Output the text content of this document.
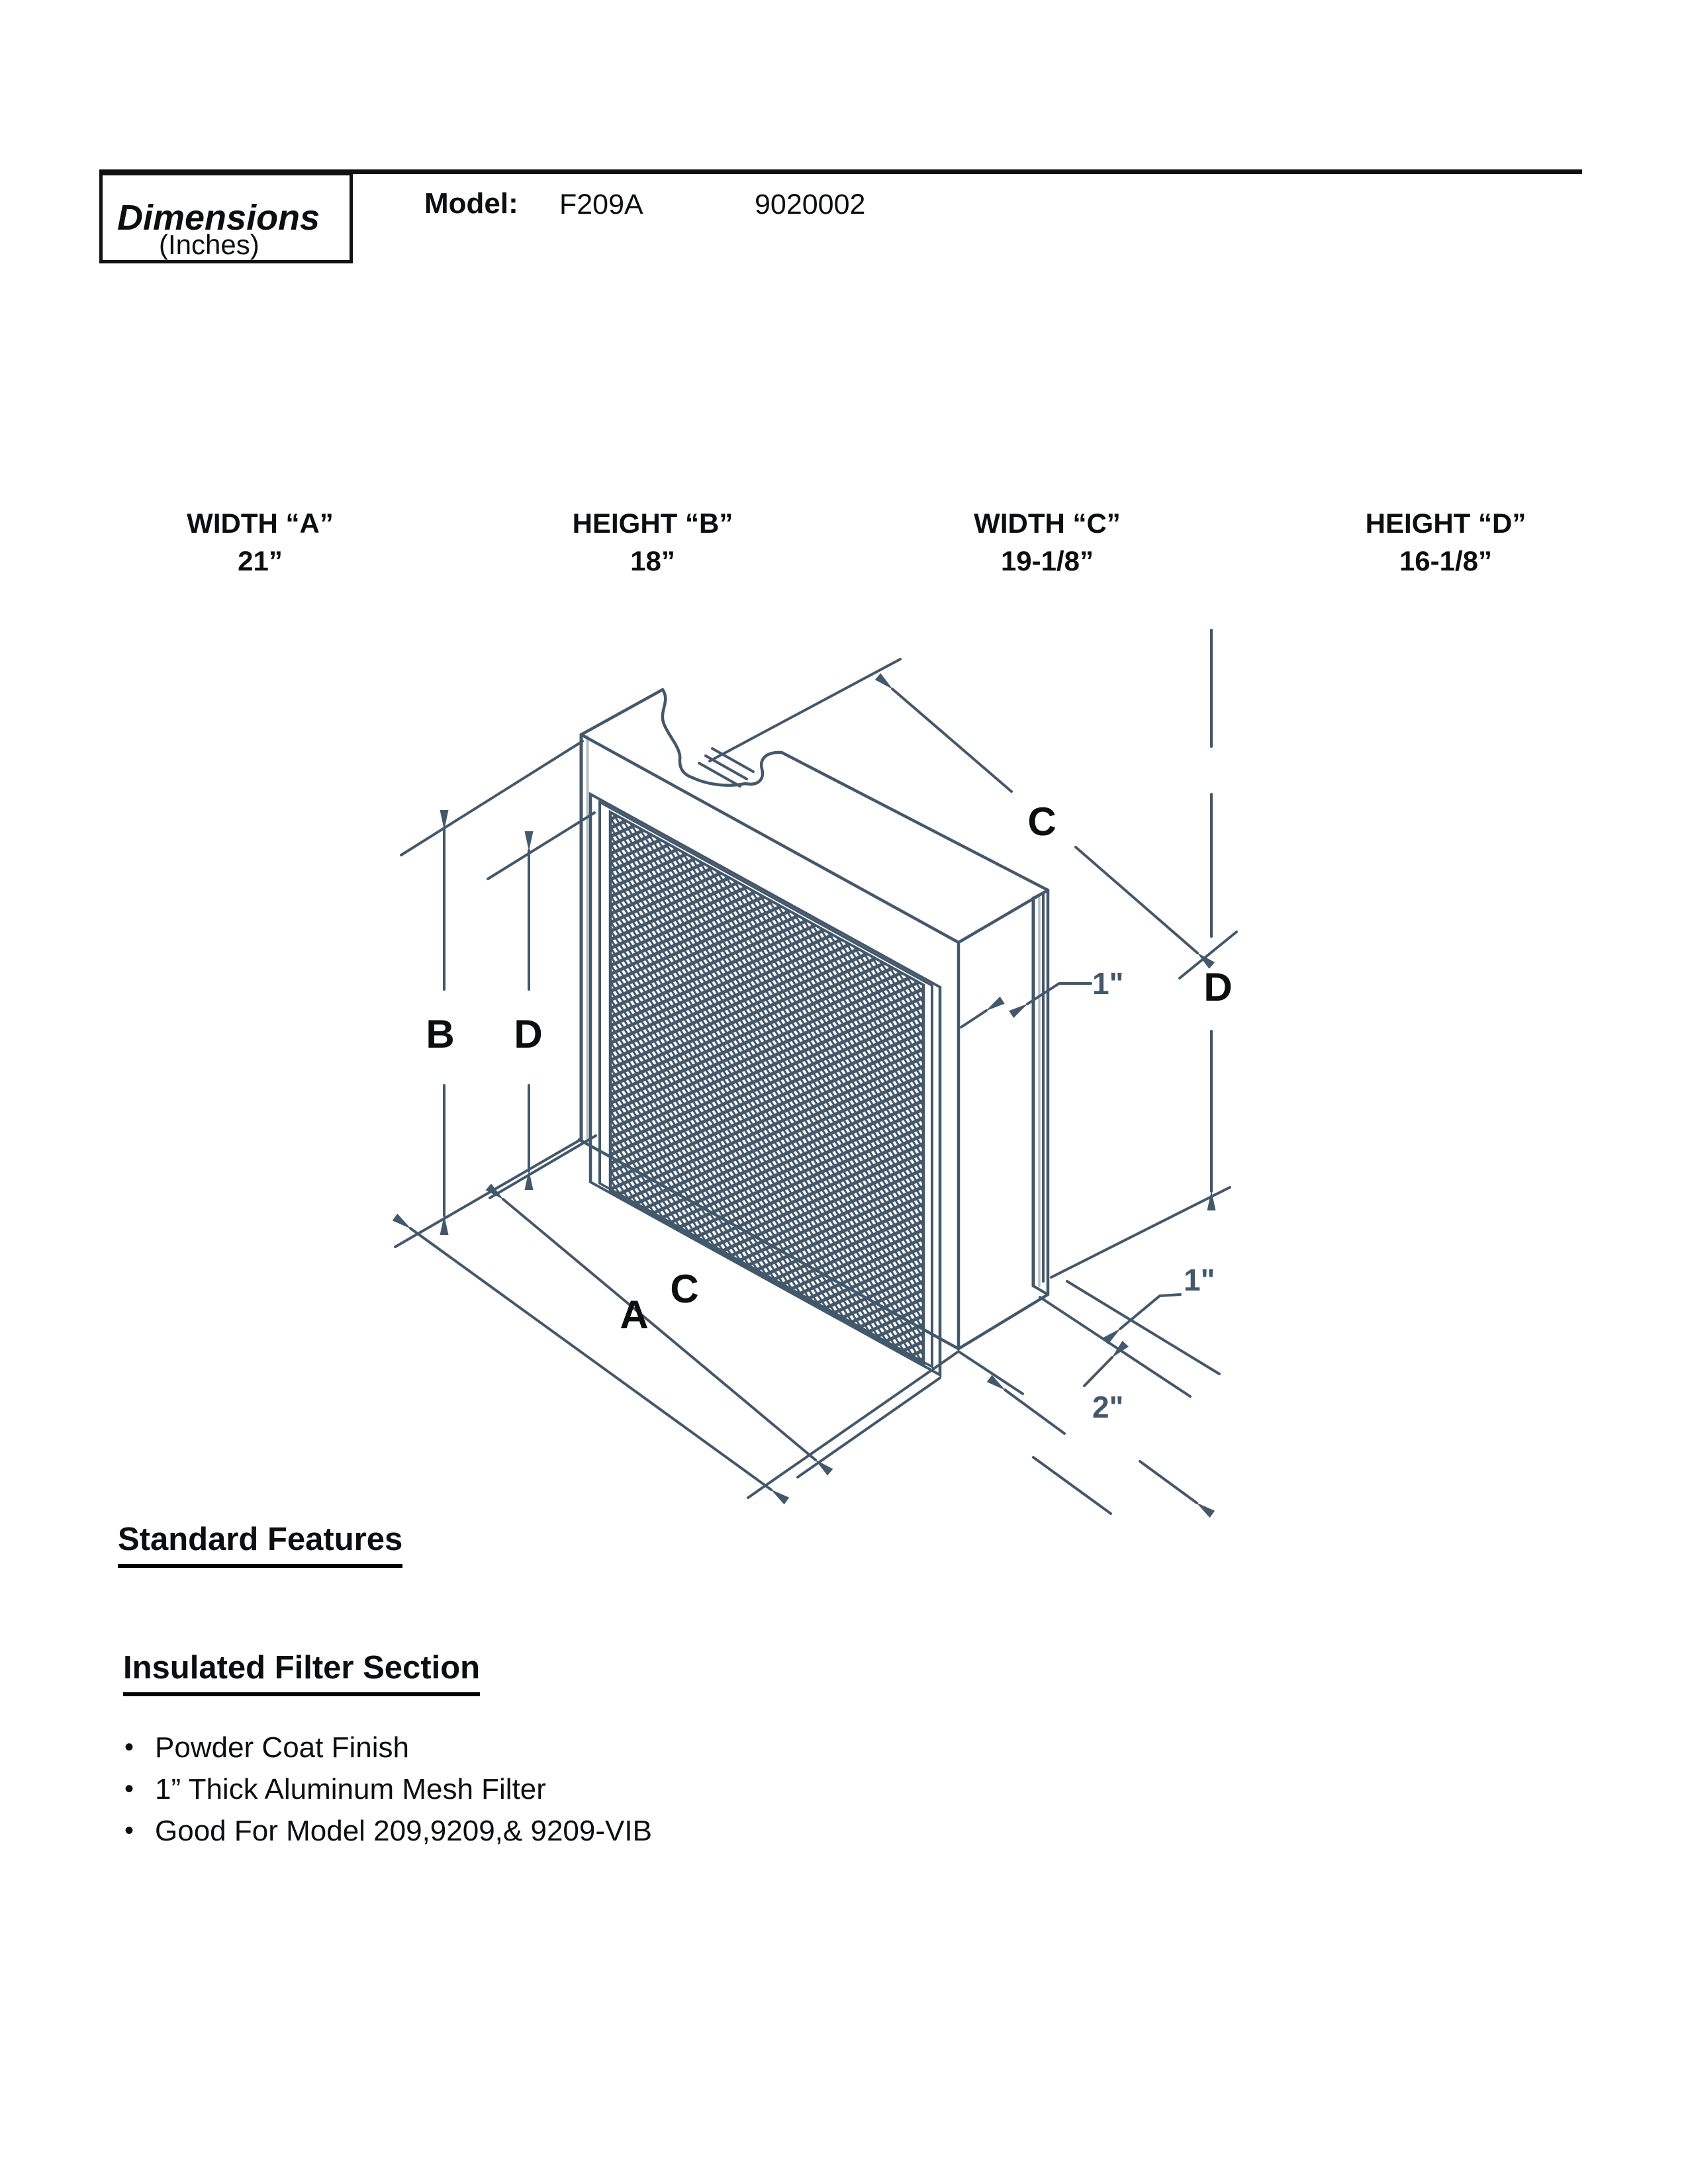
Dimensions
(Inches)
Model: F209A	9020002
WIDTH “A”
21”
HEIGHT “B”
18”
WIDTH “C”
19-1/8”
HEIGHT “D”
16-1/8”
B D
C
D
A
C
1"
1"
2"
Standard Features
Insulated Filter Section
• Powder Coat Finish
• 1” Thick Aluminum Mesh Filter
• Good For Model 209,9209,& 9209-VIB
